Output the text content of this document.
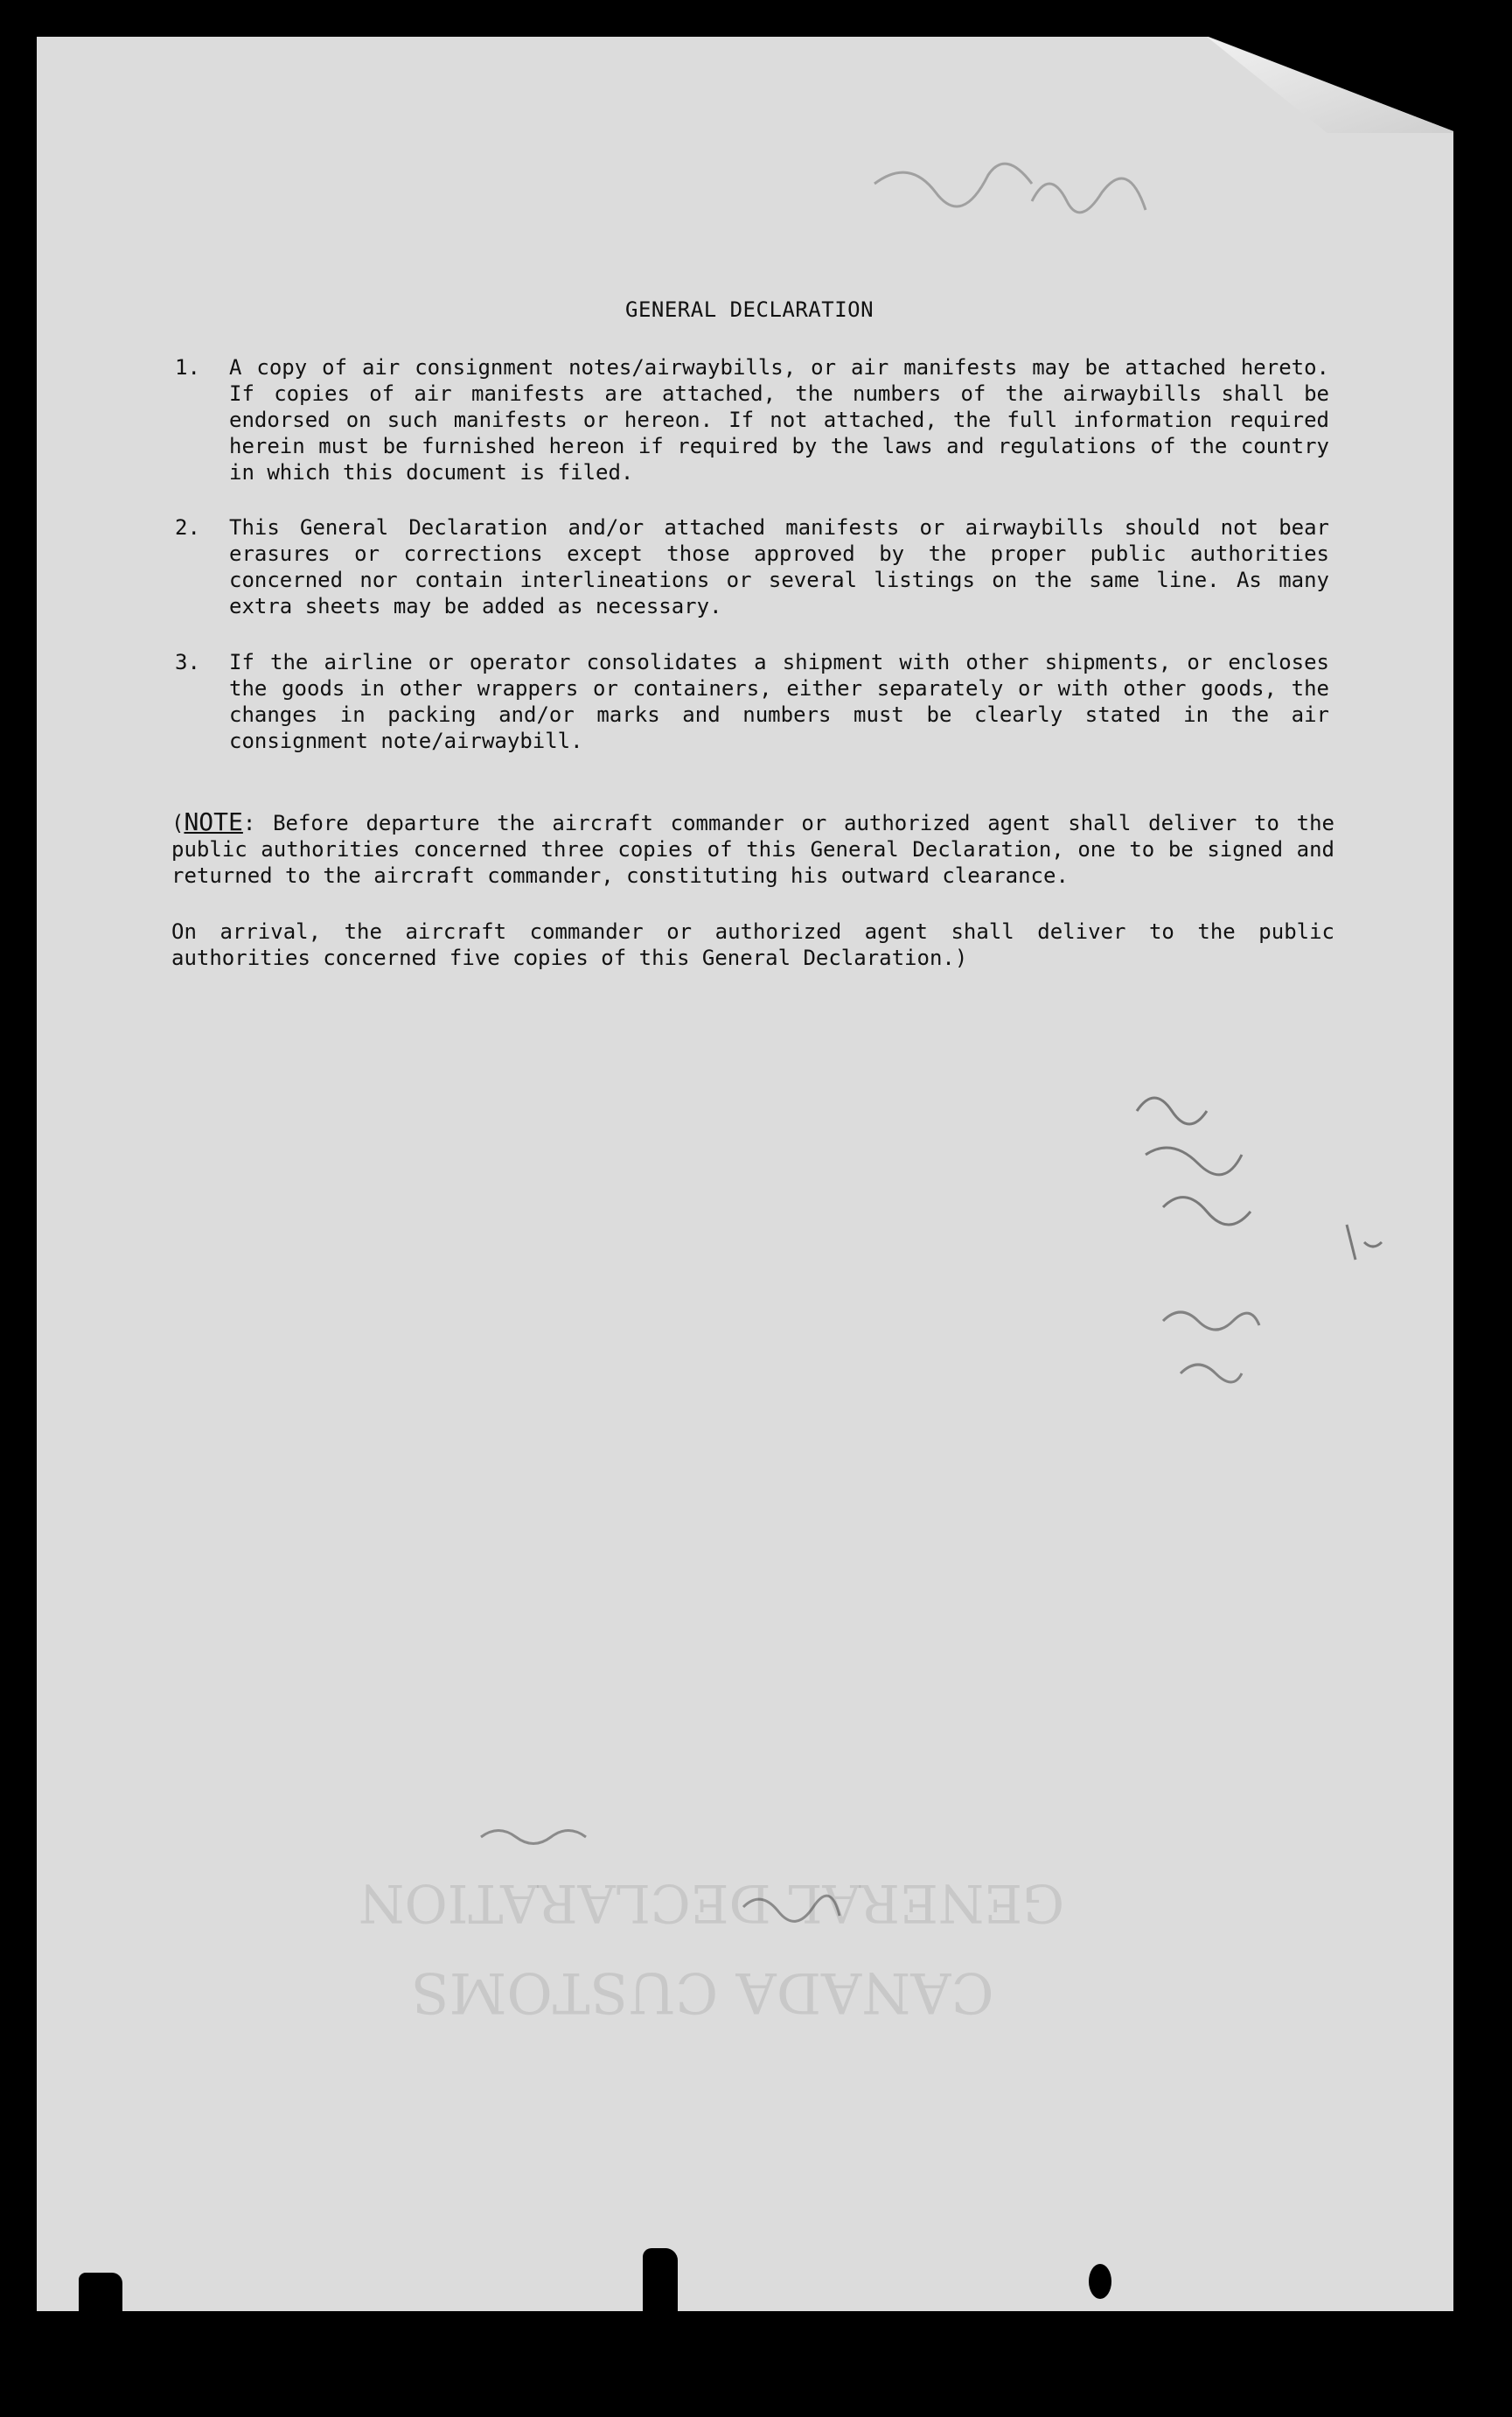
CANADA CUSTOMS
GENERAL DECLARATION
GENERAL DECLARATION
1. A copy of air consignment notes/airwaybills, or air manifests may be attached hereto. If copies of air manifests are attached, the numbers of the airwaybills shall be endorsed on such manifests or hereon. If not attached, the full information required herein must be furnished hereon if required by the laws and regulations of the country in which this document is filed.
2. This General Declaration and/or attached manifests or airwaybills should not bear erasures or corrections except those approved by the proper public authorities concerned nor contain interlineations or several listings on the same line. As many extra sheets may be added as necessary.
3. If the airline or operator consolidates a shipment with other shipments, or encloses the goods in other wrappers or containers, either separately or with other goods, the changes in packing and/or marks and numbers must be clearly stated in the air consignment note/airwaybill.
(NOTE: Before departure the aircraft commander or authorized agent shall deliver to the public authorities concerned three copies of this General Declaration, one to be signed and returned to the aircraft commander, constituting his outward clearance.
On arrival, the aircraft commander or authorized agent shall deliver to the public authorities concerned five copies of this General Declaration.)
